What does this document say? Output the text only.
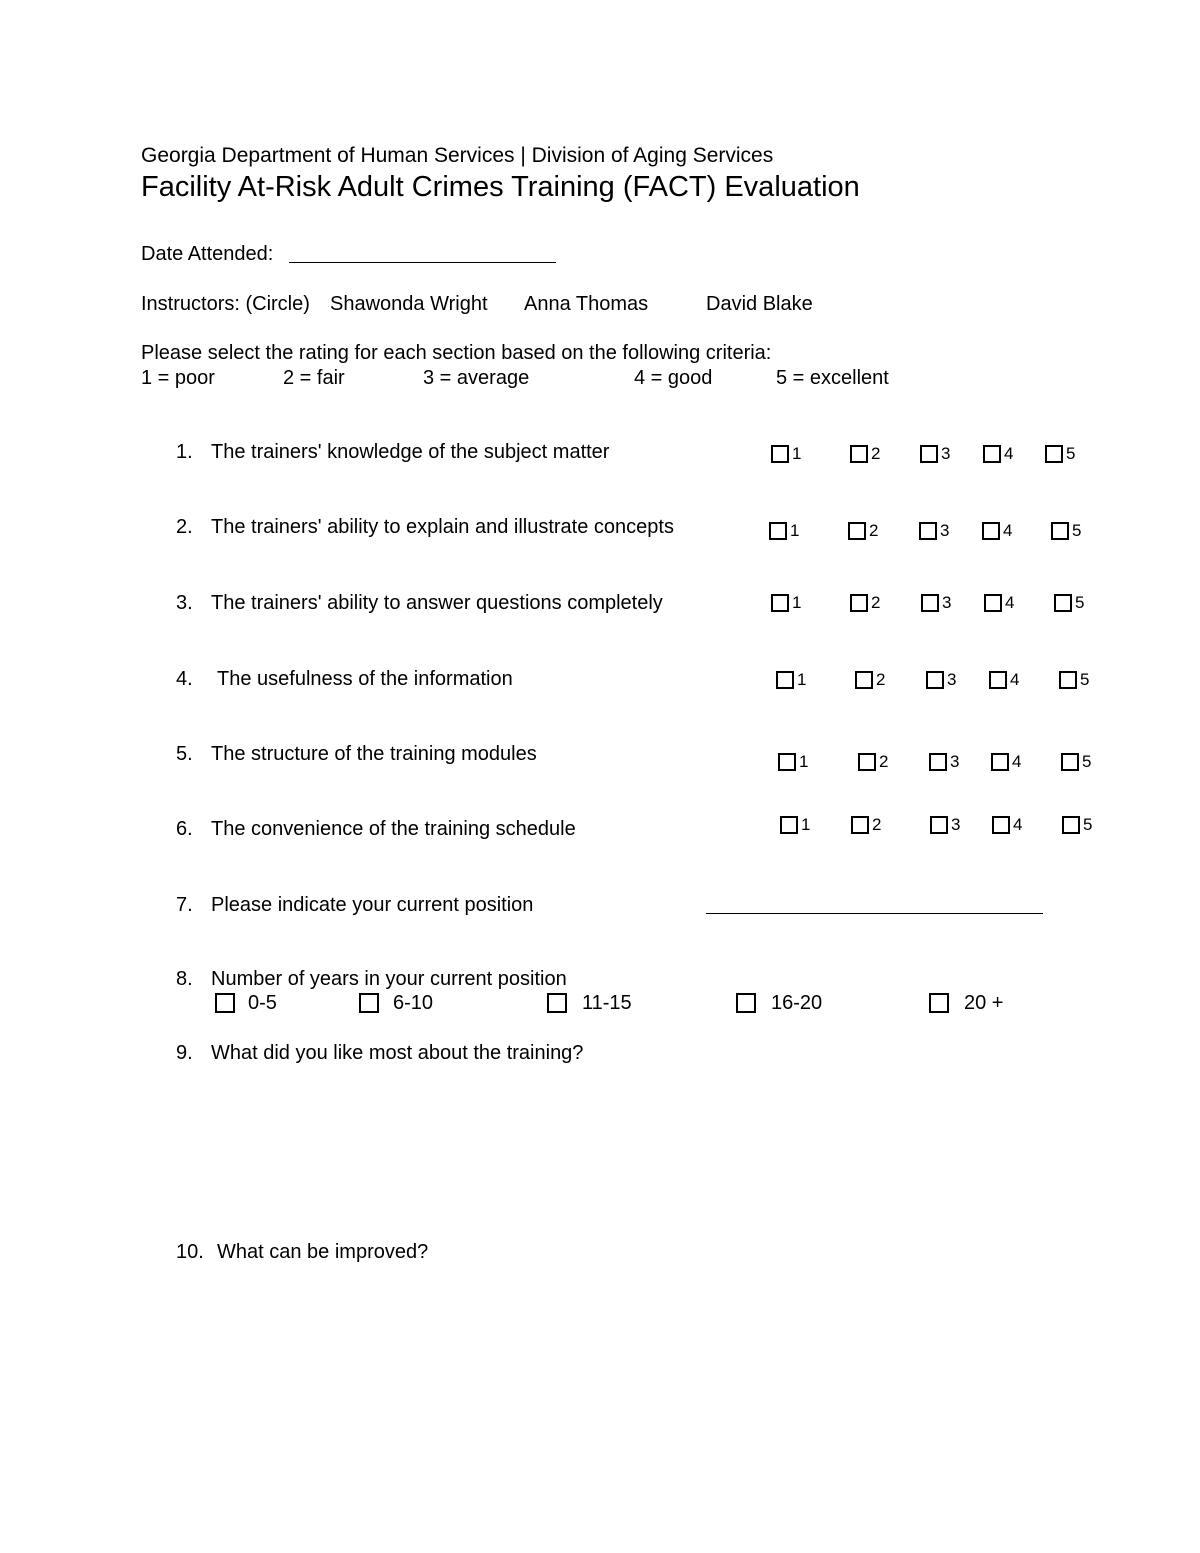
Georgia Department of Human Services | Division of Aging Services
Facility At-Risk Adult Crimes Training (FACT) Evaluation
Date Attended:
Instructors: (Circle) Shawonda Wright Anna Thomas	David Blake
Please select the rating for each section based on the following criteria:
1 = poor	2 = fair	3 = average	4 = good	5 = excellent
1. The trainers' knowledge of the subject matter	1	2	3	4	5
2. The trainers' ability to explain and illustrate concepts	1	2	3	4	5
3. The trainers' ability to answer questions completely	1	2	3	4	5
4. The usefulness of the information	1	2	3	4	5
5. The structure of the training modules	1	2	3	4	5
6. The convenience of the training schedule	1	2	3	4	5
7. Please indicate your current position
8. Number of years in your current position
0-5	6-10	11-15	16-20	20 +
9. What did you like most about the training?
10. What can be improved?
